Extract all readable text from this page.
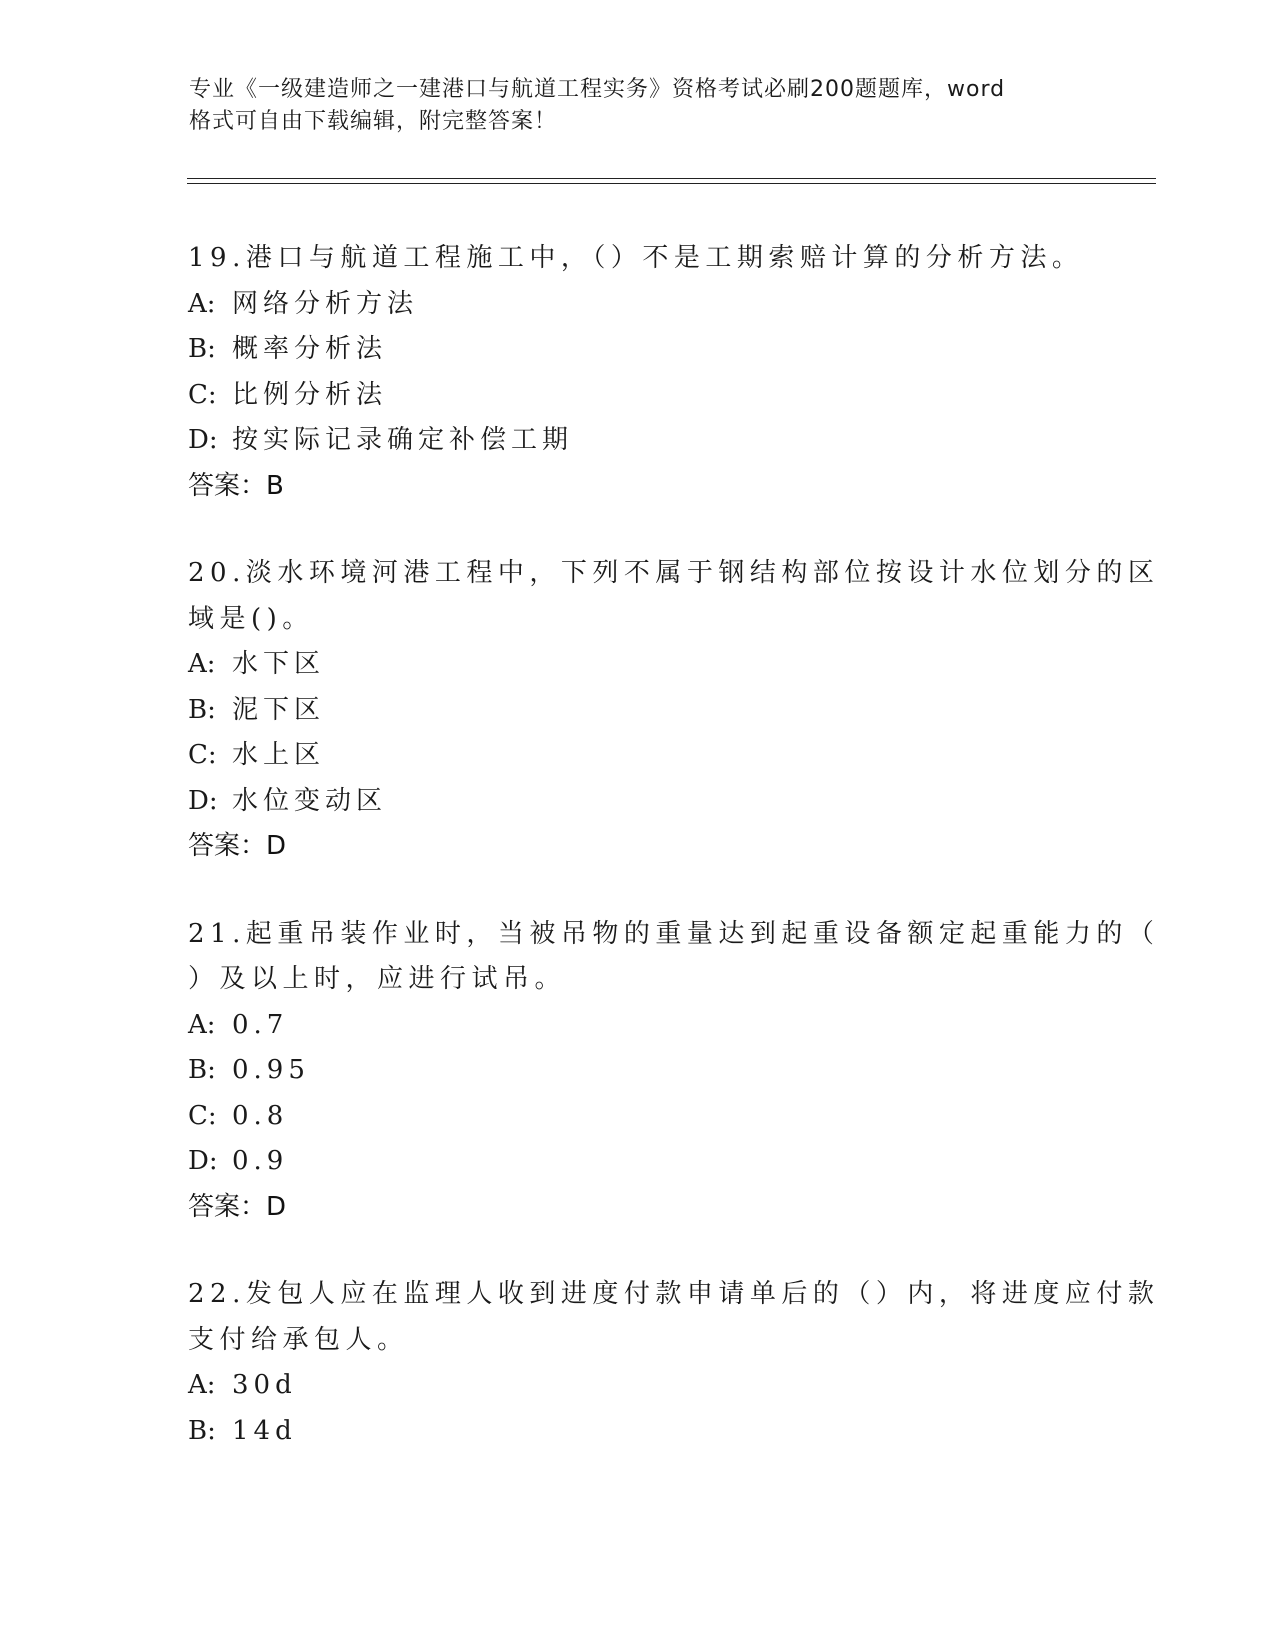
专业《一级建造师之一建港口与航道工程实务》资格考试必刷200题题库，word
格式可自由下载编辑，附完整答案！
19.港口与航道工程施工中，（）不是工期索赔计算的分析方法。
A: 网络分析方法
B: 概率分析法
C: 比例分析法
D: 按实际记录确定补偿工期
答案：B
20.淡水环境河港工程中，下列不属于钢结构部位按设计水位划分的区
域是()。
A: 水下区
B: 泥下区
C: 水上区
D: 水位变动区
答案：D
21.起重吊装作业时，当被吊物的重量达到起重设备额定起重能力的（
）及以上时，应进行试吊。
A: 0.7
B: 0.95
C: 0.8
D: 0.9
答案：D
22.发包人应在监理人收到进度付款申请单后的（）内，将进度应付款
支付给承包人。
A: 30d
B: 14d
